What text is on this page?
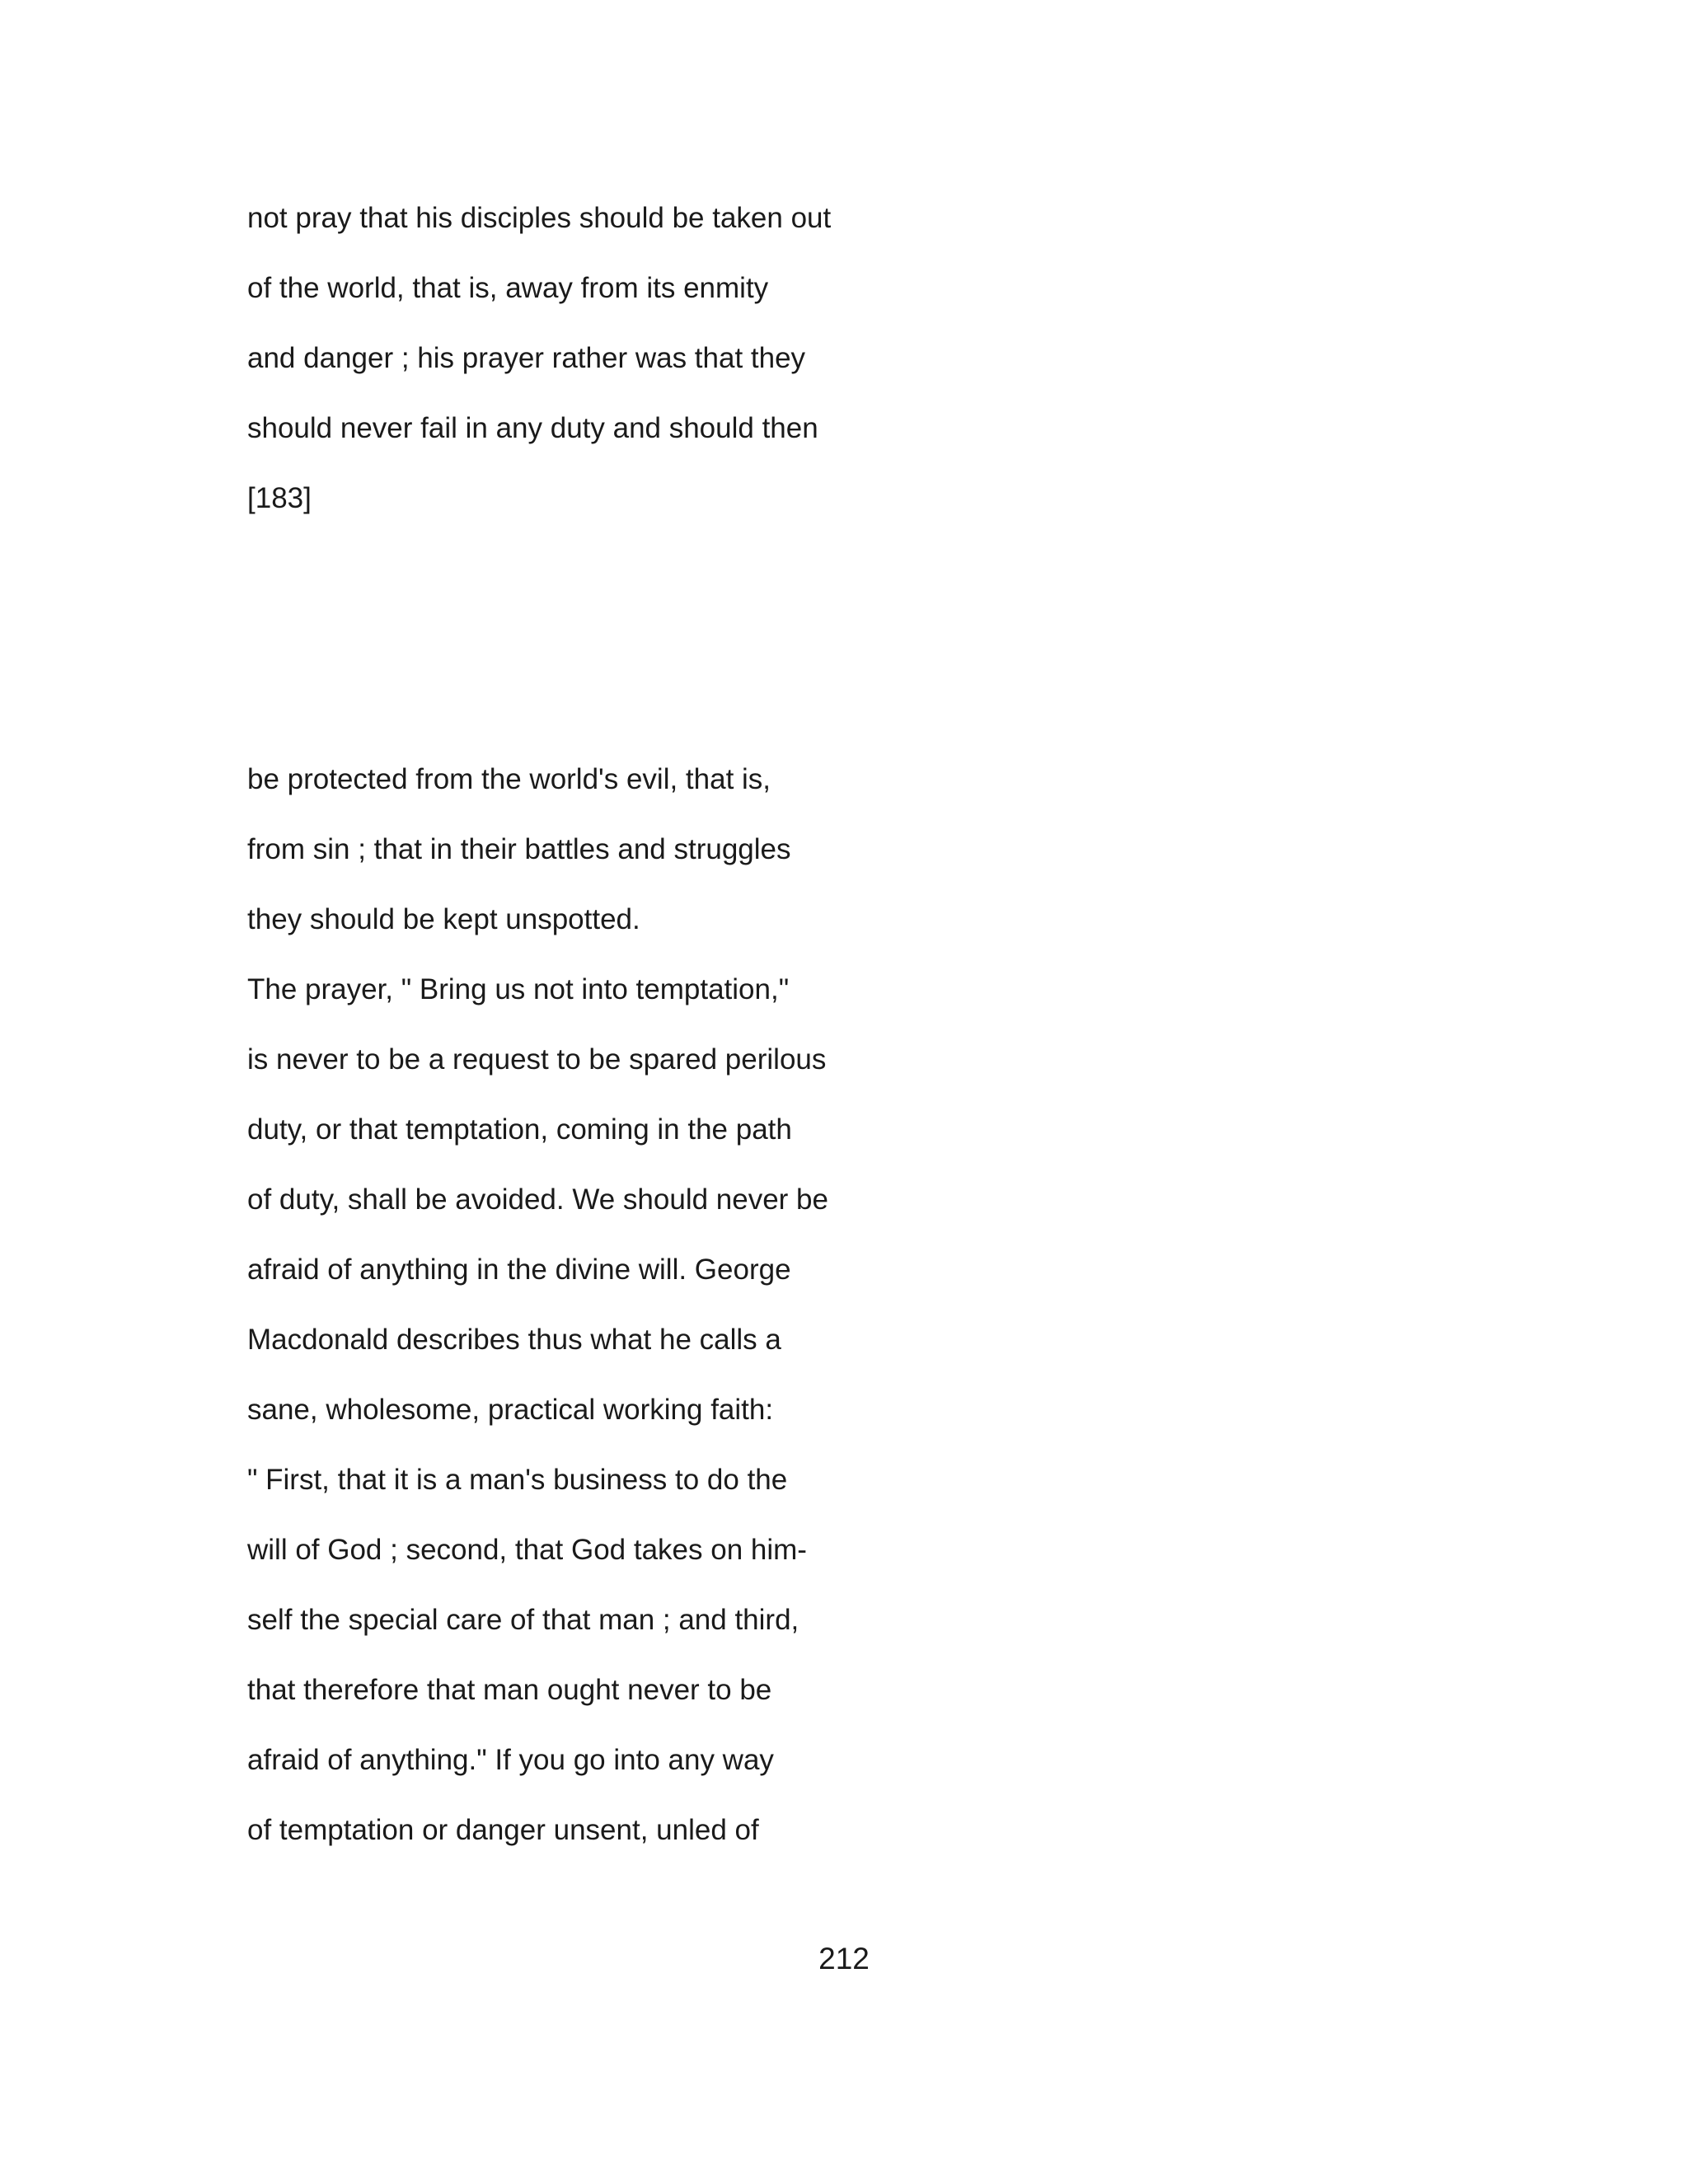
not pray that his disciples should be taken out
of the world, that is, away from its enmity
and danger ; his prayer rather was that they
should never fail in any duty and should then
[183]
be protected from the world's evil, that is,
from sin ; that in their battles and struggles
they should be kept unspotted.
The prayer, " Bring us not into temptation,"
is never to be a request to be spared perilous
duty, or that temptation, coming in the path
of duty, shall be avoided. We should never be
afraid of anything in the divine will. George
Macdonald describes thus what he calls a
sane, wholesome, practical working faith:
" First, that it is a man's business to do the
will of God ; second, that God takes on him-
self the special care of that man ; and third,
that therefore that man ought never to be
afraid of anything." If you go into any way
of temptation or danger unsent, unled of
212
